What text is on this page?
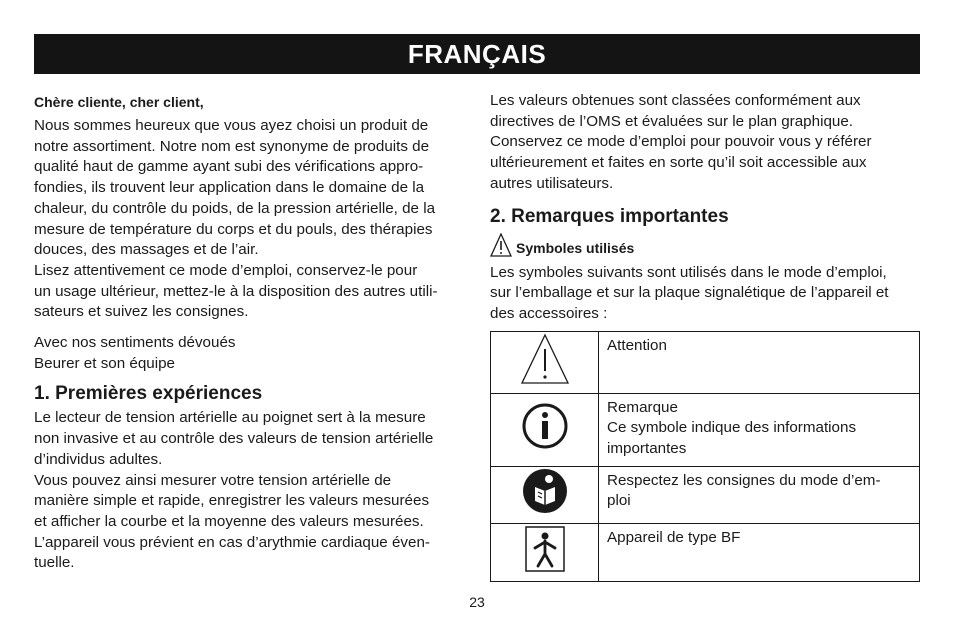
FRANÇAIS

Chère cliente, cher client,

Nous sommes heureux que vous ayez choisi un produit de
notre assortiment. Notre nom est synonyme de produits de
qualité haut de gamme ayant subi des vérifications appro-
fondies, ils trouvent leur application dans le domaine de la
chaleur, du contrôle du poids, de la pression artérielle, de la
mesure de température du corps et du pouls, des thérapies
douces, des massages et de l’air.
Lisez attentivement ce mode d’emploi, conservez-le pour
un usage ultérieur, mettez-le à la disposition des autres utili-
sateurs et suivez les consignes.

Avec nos sentiments dévoués
Beurer et son équipe

1. Premières expériences

Le lecteur de tension artérielle au poignet sert à la mesure
non invasive et au contrôle des valeurs de tension artérielle
d’individus adultes.
Vous pouvez ainsi mesurer votre tension artérielle de
manière simple et rapide, enregistrer les valeurs mesurées
et afficher la courbe et la moyenne des valeurs mesurées.
L’appareil vous prévient en cas d’arythmie cardiaque éven-
tuelle.

Les valeurs obtenues sont classées conformément aux
directives de l’OMS et évaluées sur le plan graphique.
Conservez ce mode d’emploi pour pouvoir vous y référer
ultérieurement et faites en sorte qu’il soit accessible aux
autres utilisateurs.

2. Remarques importantes
Symboles utilisés

Les symboles suivants sont utilisés dans le mode d’emploi,
sur l’emballage et sur la plaque signalétique de l’appareil et
des accessoires :

	Attention
	Remarque
Ce symbole indique des informations
importantes
	Respectez les consignes du mode d’em-
ploi
	Appareil de type BF
23
